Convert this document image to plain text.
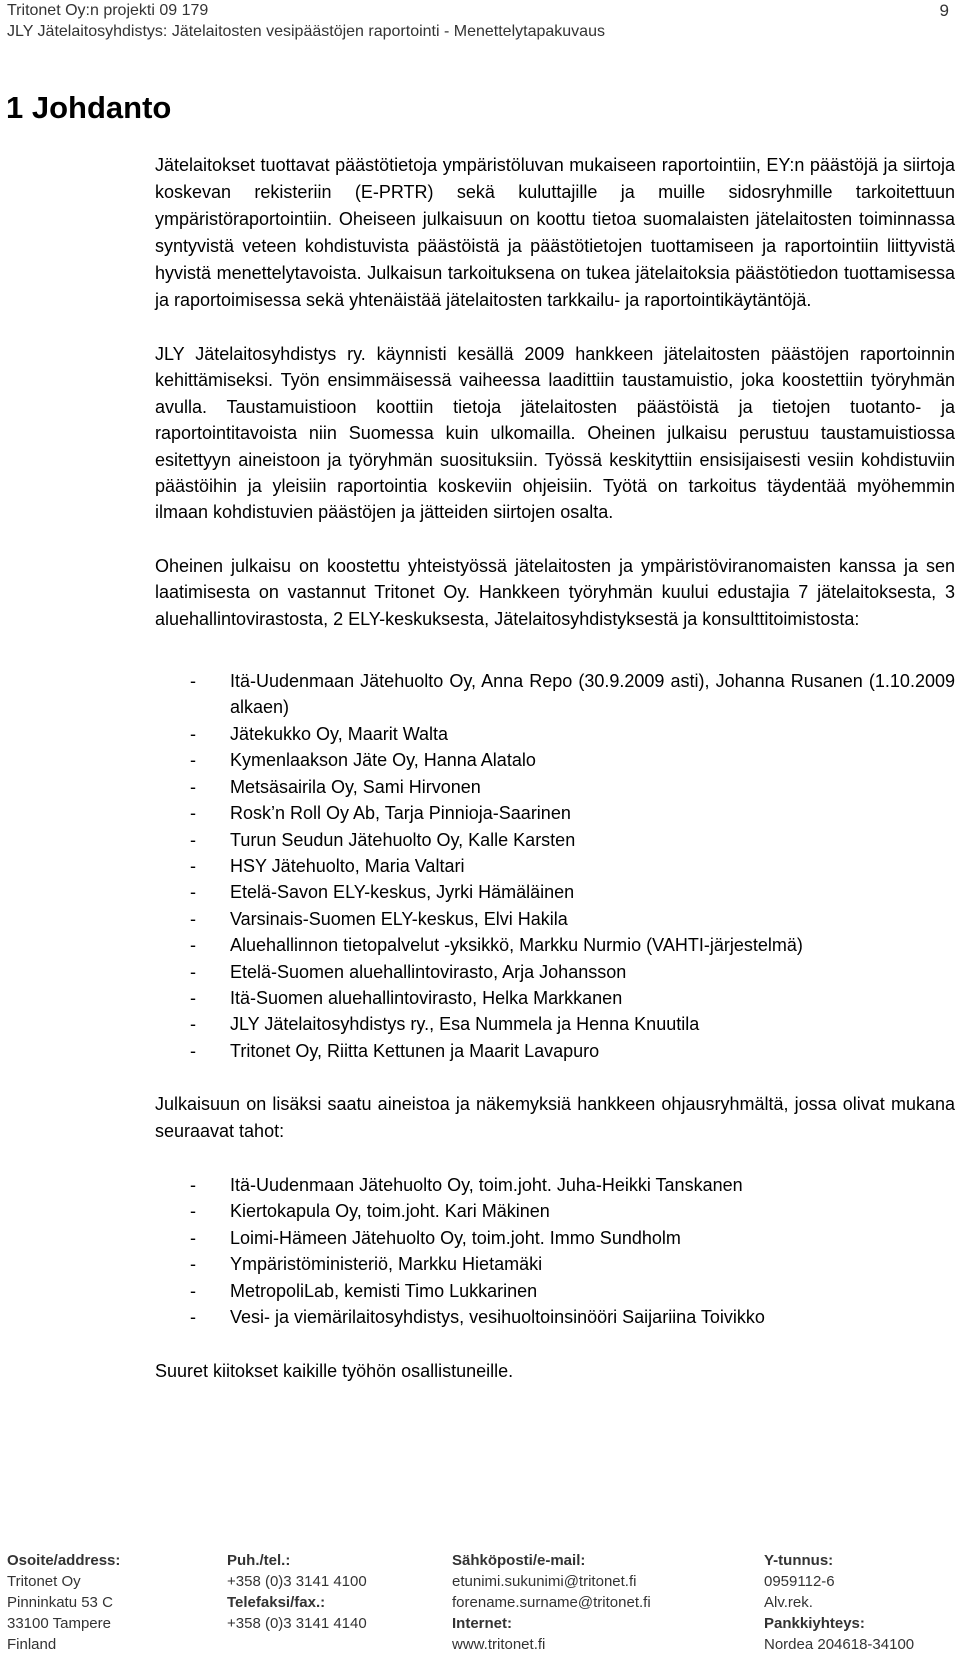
Tritonet Oy:n projekti 09 179
JLY Jätelaitosyhdistys: Jätelaitosten vesipäästöjen raportointi - Menettelytapakuvaus
9
1 Johdanto

Jätelaitokset tuottavat päästötietoja ympäristöluvan mukaiseen raportointiin, EY:n päästöjä ja siirtoja koskevan rekisteriin (E-PRTR) sekä kuluttajille ja muille sidosryhmille tarkoitettuun ympäristöraportointiin. Oheiseen julkaisuun on koottu tietoa suomalaisten jätelaitosten toiminnassa syntyvistä veteen kohdistuvista päästöistä ja päästötietojen tuottamiseen ja raportointiin liittyvistä hyvistä menettelytavoista. Julkaisun tarkoituksena on tukea jätelaitoksia päästötiedon tuottamisessa ja raportoimisessa sekä yhtenäistää jätelaitosten tarkkailu- ja raportointikäytäntöjä.

JLY Jätelaitosyhdistys ry. käynnisti kesällä 2009 hankkeen jätelaitosten päästöjen raportoinnin kehittämiseksi. Työn ensimmäisessä vaiheessa laadittiin taustamuistio, joka koostettiin työryhmän avulla. Taustamuistioon koottiin tietoja jätelaitosten päästöistä ja tietojen tuotanto- ja raportointitavoista niin Suomessa kuin ulkomailla. Oheinen julkaisu perustuu taustamuistiossa esitettyyn aineistoon ja työryhmän suosituksiin. Työssä keskityttiin ensisijaisesti vesiin kohdistuviin päästöihin ja yleisiin raportointia koskeviin ohjeisiin. Työtä on tarkoitus täydentää myöhemmin ilmaan kohdistuvien päästöjen ja jätteiden siirtojen osalta.

Oheinen julkaisu on koostettu yhteistyössä jätelaitosten ja ympäristöviranomaisten kanssa ja sen laatimisesta on vastannut Tritonet Oy. Hankkeen työryhmän kuului edustajia 7 jätelaitoksesta, 3 aluehallintovirastosta, 2 ELY-keskuksesta, Jätelaitosyhdistyksestä ja konsulttitoimistosta:

- Itä-Uudenmaan Jätehuolto Oy, Anna Repo (30.9.2009 asti), Johanna Rusanen (1.10.2009 alkaen)
- Jätekukko Oy, Maarit Walta
- Kymenlaakson Jäte Oy, Hanna Alatalo
- Metsäsairila Oy, Sami Hirvonen
- Rosk’n Roll Oy Ab, Tarja Pinnioja-Saarinen
- Turun Seudun Jätehuolto Oy, Kalle Karsten
- HSY Jätehuolto, Maria Valtari
- Etelä-Savon ELY-keskus, Jyrki Hämäläinen
- Varsinais-Suomen ELY-keskus, Elvi Hakila
- Aluehallinnon tietopalvelut -yksikkö, Markku Nurmio (VAHTI-järjestelmä)
- Etelä-Suomen aluehallintovirasto, Arja Johansson
- Itä-Suomen aluehallintovirasto, Helka Markkanen
- JLY Jätelaitosyhdistys ry., Esa Nummela ja Henna Knuutila
- Tritonet Oy, Riitta Kettunen ja Maarit Lavapuro

Julkaisuun on lisäksi saatu aineistoa ja näkemyksiä hankkeen ohjausryhmältä, jossa olivat mukana seuraavat tahot:

- Itä-Uudenmaan Jätehuolto Oy, toim.joht. Juha-Heikki Tanskanen
- Kiertokapula Oy, toim.joht. Kari Mäkinen
- Loimi-Hämeen Jätehuolto Oy, toim.joht. Immo Sundholm
- Ympäristöministeriö, Markku Hietamäki
- MetropoliLab, kemisti Timo Lukkarinen
- Vesi- ja viemärilaitosyhdistys, vesihuoltoinsinööri Saijariina Toivikko

Suuret kiitokset kaikille työhön osallistuneille.

Osoite/address:
Tritonet Oy
Pinninkatu 53 C
33100 Tampere
Finland
Puh./tel.:
+358 (0)3 3141 4100
Telefaksi/fax.:
+358 (0)3 3141 4140
Sähköposti/e-mail:
etunimi.sukunimi@tritonet.fi
forename.surname@tritonet.fi
Internet:
www.tritonet.fi
Y-tunnus:
0959112-6
Alv.rek.
Pankkiyhteys:
Nordea 204618-34100
